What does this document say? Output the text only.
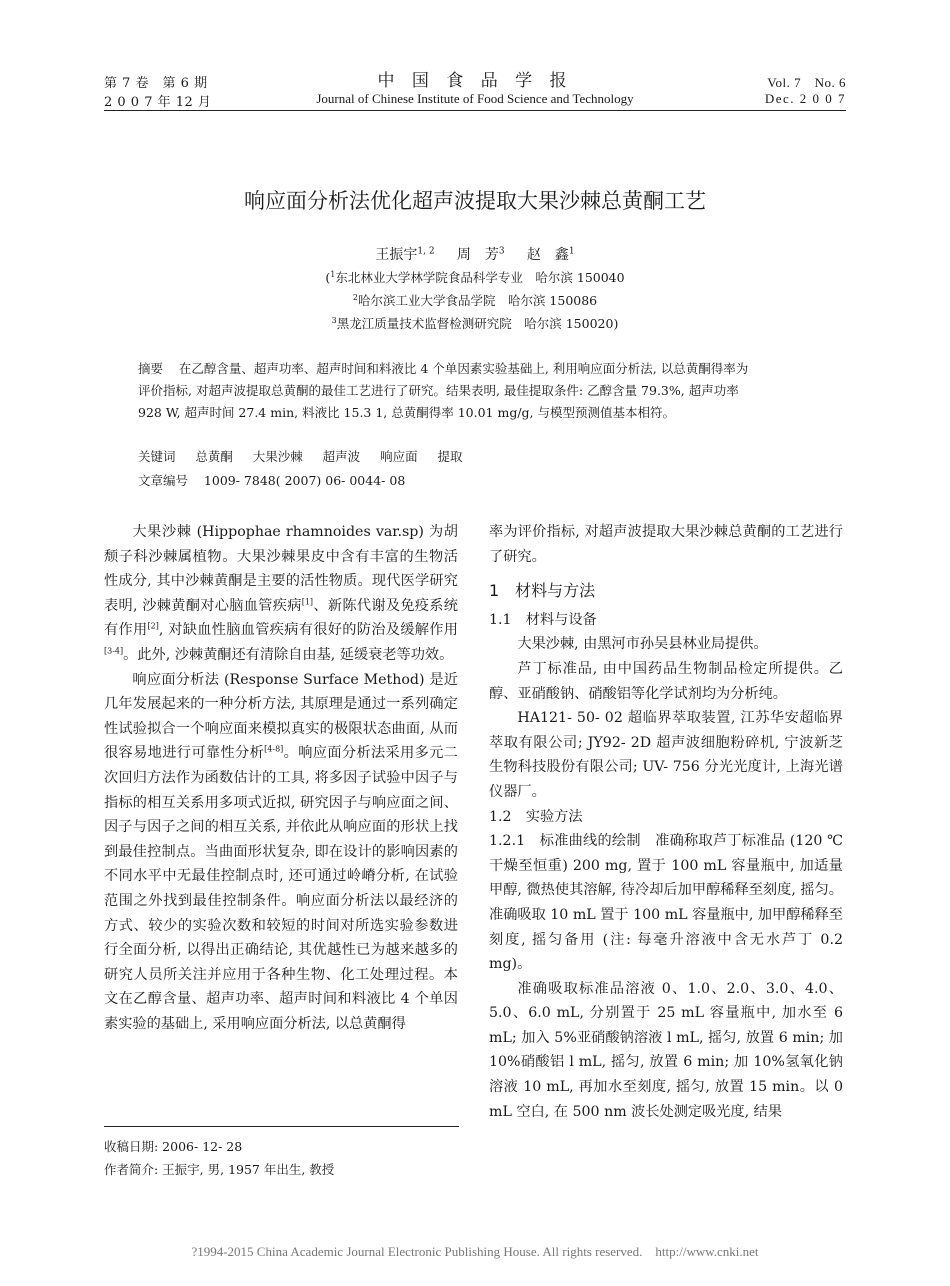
第 7 卷　第 6 期
2 0 0 7 年 12 月
中 国 食 品 学 报
Journal of Chinese Institute of Food Science and Technology
Vol. 7　No. 6
Dec. 2 0 0 7
响应面分析法优化超声波提取大果沙棘总黄酮工艺
王振宇$^{1, 2}$ 周　芳$^3$ 赵　鑫$^1$
($^1$东北林业大学林学院食品科学专业　哈尔滨 150040
$^2$哈尔滨工业大学食品学院　哈尔滨 150086
$^3$黑龙江质量技术监督检测研究院　哈尔滨 150020)
摘要 在乙醇含量、超声功率、超声时间和料液比 4 个单因素实验基础上, 利用响应面分析法, 以总黄酮得率为
评价指标, 对超声波提取总黄酮的最佳工艺进行了研究。结果表明, 最佳提取条件: 乙醇含量 79.3%, 超声功率
928 W, 超声时间 27.4 min, 料液比 15.3 1, 总黄酮得率 10.01 mg/g, 与模型预测值基本相符。
关键词 总黄酮 大果沙棘 超声波 响应面 提取
文章编号 1009- 7848( 2007) 06- 0044- 08

大果沙棘 (Hippophae rhamnoides var.sp) 为胡颓子科沙棘属植物。大果沙棘果皮中含有丰富的生物活性成分, 其中沙棘黄酮是主要的活性物质。现代医学研究表明, 沙棘黄酮对心脑血管疾病[1]、新陈代谢及免疫系统有作用[2], 对缺血性脑血管疾病有很好的防治及缓解作用[3-4]。此外, 沙棘黄酮还有清除自由基, 延缓衰老等功效。

响应面分析法 (Response Surface Method) 是近几年发展起来的一种分析方法, 其原理是通过一系列确定性试验拟合一个响应面来模拟真实的极限状态曲面, 从而很容易地进行可靠性分析[4-8]。响应面分析法采用多元二次回归方法作为函数估计的工具, 将多因子试验中因子与指标的相互关系用多项式近拟, 研究因子与响应面之间、因子与因子之间的相互关系, 并依此从响应面的形状上找到最佳控制点。当曲面形状复杂, 即在设计的影响因素的不同水平中无最佳控制点时, 还可通过岭嵴分析, 在试验范围之外找到最佳控制条件。响应面分析法以最经济的方式、较少的实验次数和较短的时间对所选实验参数进行全面分析, 以得出正确结论, 其优越性已为越来越多的研究人员所关注并应用于各种生物、化工处理过程。本文在乙醇含量、超声功率、超声时间和料液比 4 个单因素实验的基础上, 采用响应面分析法, 以总黄酮得

率为评价指标, 对超声波提取大果沙棘总黄酮的工艺进行了研究。

1　材料与方法

1.1　材料与设备

大果沙棘, 由黑河市孙吴县林业局提供。

芦丁标准品, 由中国药品生物制品检定所提供。乙醇、亚硝酸钠、硝酸铝等化学试剂均为分析纯。

HA121- 50- 02 超临界萃取装置, 江苏华安超临界萃取有限公司; JY92- 2D 超声波细胞粉碎机, 宁波新芝生物科技股份有限公司; UV- 756 分光光度计, 上海光谱仪器厂。

1.2　实验方法

1.2.1　标准曲线的绘制　准确称取芦丁标准品 (120 ℃干燥至恒重) 200 mg, 置于 100 mL 容量瓶中, 加适量甲醇, 微热使其溶解, 待冷却后加甲醇稀释至刻度, 摇匀。准确吸取 10 mL 置于 100 mL 容量瓶中, 加甲醇稀释至刻度, 摇匀备用 (注: 每毫升溶液中含无水芦丁 0.2 mg)。

准确吸取标准品溶液 0、1.0、2.0、3.0、4.0、5.0、6.0 mL, 分别置于 25 mL 容量瓶中, 加水至 6 mL; 加入 5%亚硝酸钠溶液 l mL, 摇匀, 放置 6 min; 加 10%硝酸铝 l mL, 摇匀, 放置 6 min; 加 10%氢氧化钠溶液 10 mL, 再加水至刻度, 摇匀, 放置 15 min。以 0 mL 空白, 在 500 nm 波长处测定吸光度, 结果

收稿日期: 2006- 12- 28
作者简介: 王振宇, 男, 1957 年出生, 教授
?1994-2015 China Academic Journal Electronic Publishing House. All rights reserved.　http://www.cnki.net
